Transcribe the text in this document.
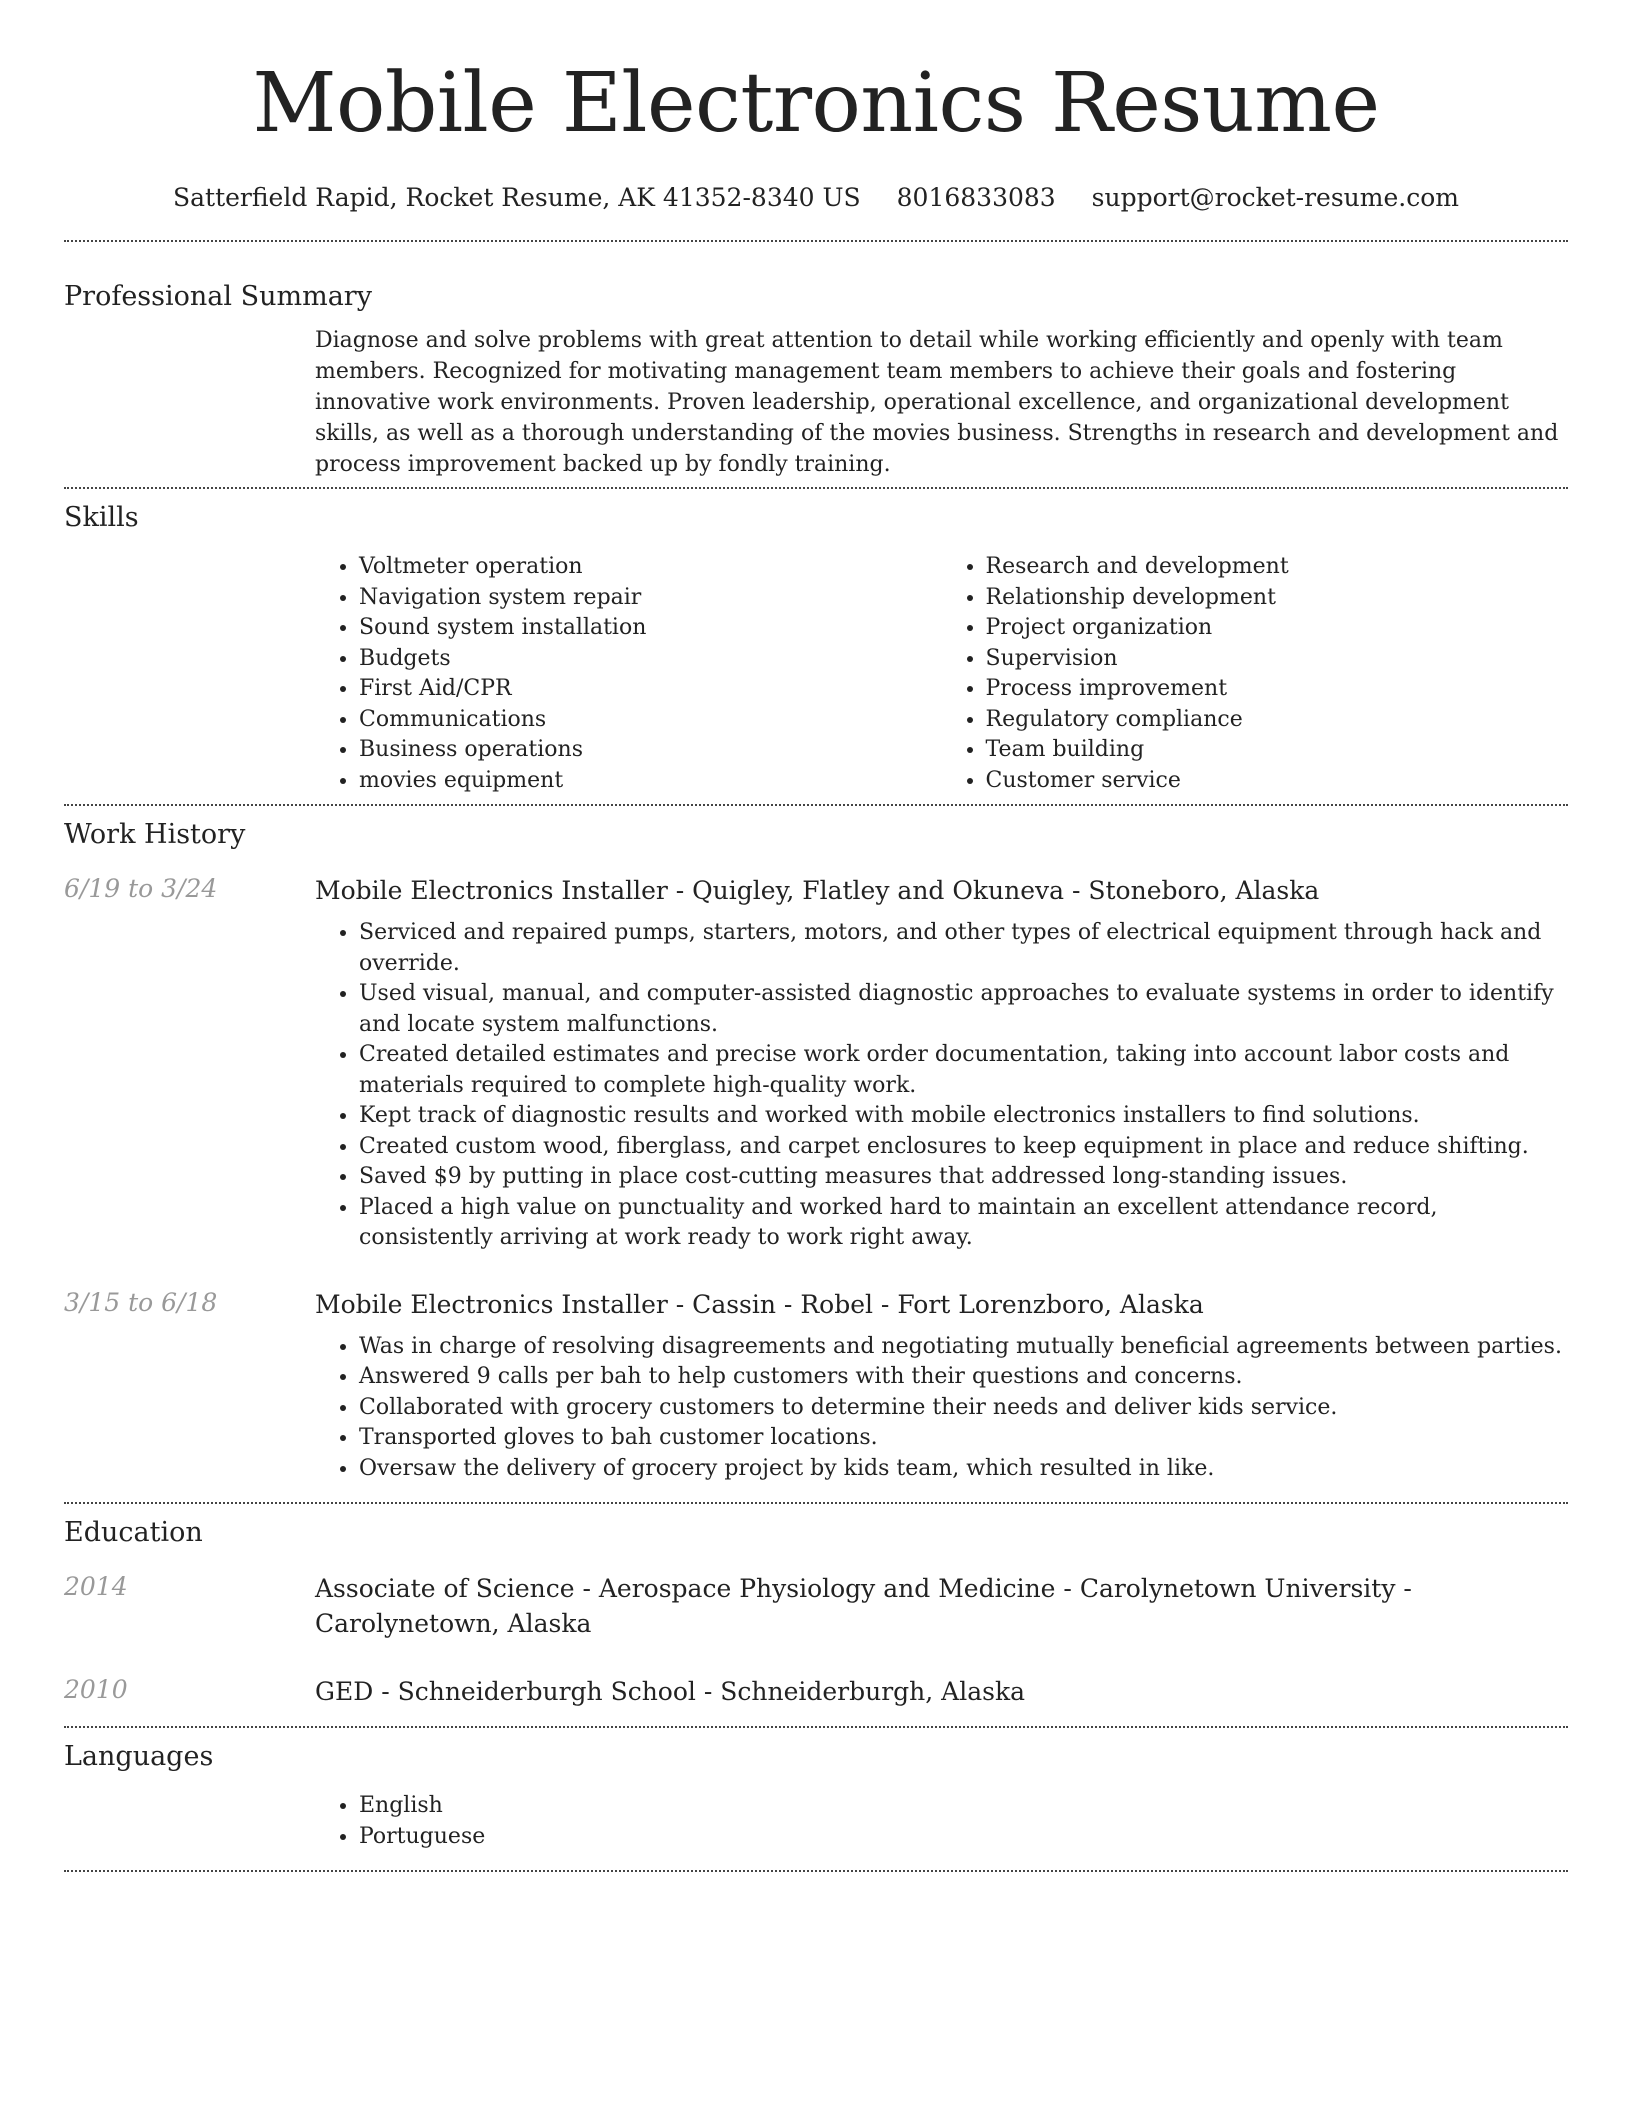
Mobile Electronics Resume
Satterfield Rapid, Rocket Resume, AK 41352-8340 US 8016833083 support@rocket-resume.com
Professional Summary

Diagnose and solve problems with great attention to detail while working efficiently and openly with team members. Recognized for motivating management team members to achieve their goals and fostering innovative work environments. Proven leadership, operational excellence, and organizational development skills, as well as a thorough understanding of the movies business. Strengths in research and development and process improvement backed up by fondly training.

Skills
• Voltmeter operation
• Navigation system repair
• Sound system installation
• Budgets
• First Aid/CPR
• Communications
• Business operations
• movies equipment
• Research and development
• Relationship development
• Project organization
• Supervision
• Process improvement
• Regulatory compliance
• Team building
• Customer service
Work History
6/19 to 3/24	Mobile Electronics Installer - Quigley, Flatley and Okuneva - Stoneboro, Alaska
• Serviced and repaired pumps, starters, motors, and other types of electrical equipment through hack and override.
• Used visual, manual, and computer-assisted diagnostic approaches to evaluate systems in order to identify and locate system malfunctions.
• Created detailed estimates and precise work order documentation, taking into account labor costs and materials required to complete high-quality work.
• Kept track of diagnostic results and worked with mobile electronics installers to find solutions.
• Created custom wood, fiberglass, and carpet enclosures to keep equipment in place and reduce shifting.
• Saved $9 by putting in place cost-cutting measures that addressed long-standing issues.
• Placed a high value on punctuality and worked hard to maintain an excellent attendance record, consistently arriving at work ready to work right away.
3/15 to 6/18	Mobile Electronics Installer - Cassin - Robel - Fort Lorenzboro, Alaska
• Was in charge of resolving disagreements and negotiating mutually beneficial agreements between parties.
• Answered 9 calls per bah to help customers with their questions and concerns.
• Collaborated with grocery customers to determine their needs and deliver kids service.
• Transported gloves to bah customer locations.
• Oversaw the delivery of grocery project by kids team, which resulted in like.
Education
2014	Associate of Science - Aerospace Physiology and Medicine - Carolynetown University - Carolynetown, Alaska
2010	GED - Schneiderburgh School - Schneiderburgh, Alaska
Languages
• English
• Portuguese
